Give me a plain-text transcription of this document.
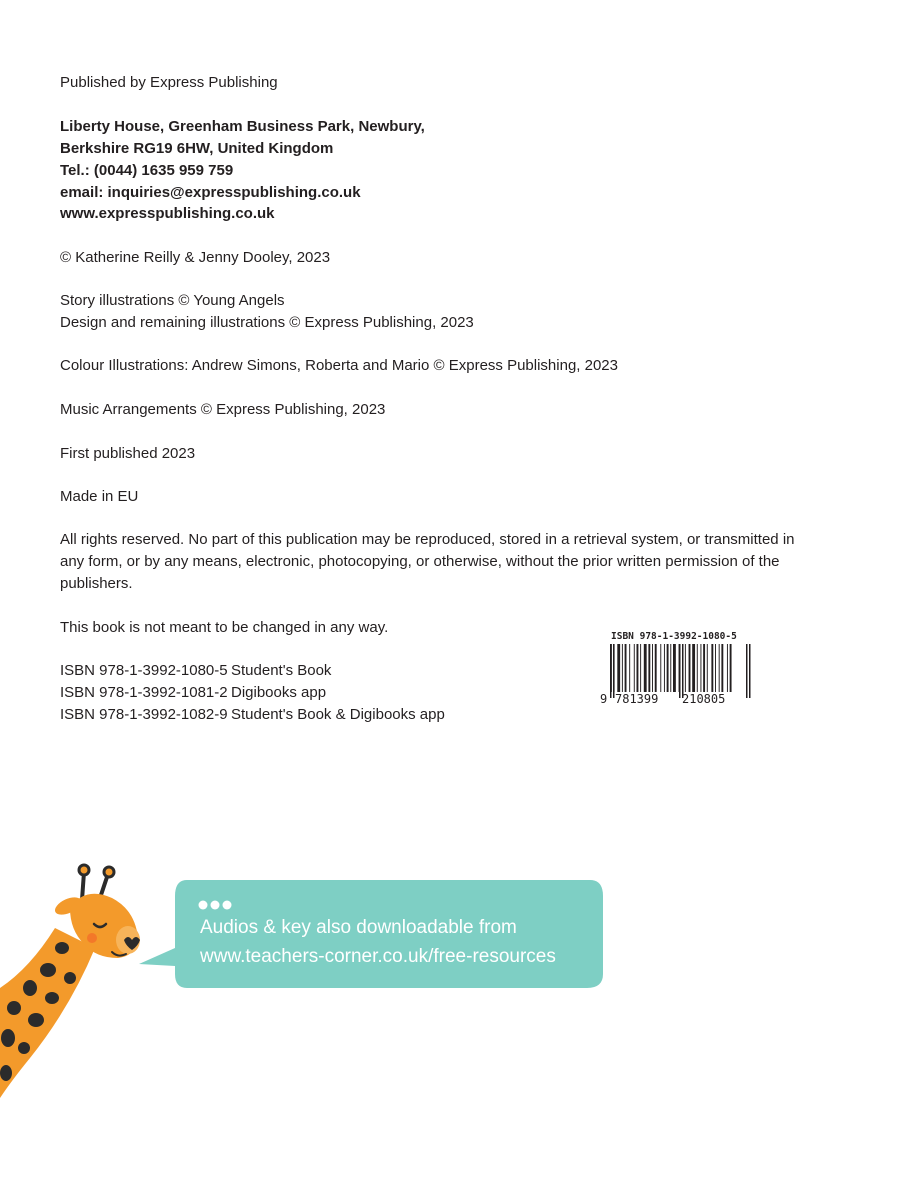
Published by Express Publishing
Liberty House, Greenham Business Park, Newbury,
Berkshire RG19 6HW, United Kingdom
Tel.: (0044) 1635 959 759
email: inquiries@expresspublishing.co.uk
www.expresspublishing.co.uk
© Katherine Reilly & Jenny Dooley, 2023
Story illustrations © Young Angels
Design and remaining illustrations © Express Publishing, 2023
Colour Illustrations: Andrew Simons, Roberta and Mario © Express Publishing, 2023
Music Arrangements © Express Publishing, 2023
First published 2023
Made in EU
All rights reserved. No part of this publication may be reproduced, stored in a retrieval system, or transmitted in any form, or by any means, electronic, photocopying, or otherwise, without the prior written permission of the publishers.
This book is not meant to be changed in any way.
ISBN 978-1-3992-1080-5 Student's Book
ISBN 978-1-3992-1081-2 Digibooks app
ISBN 978-1-3992-1082-9 Student's Book & Digibooks app
ISBN 978-1-3992-1080-5
9 781399 210805
Audios & key also downloadable from
www.teachers-corner.co.uk/free-resources
